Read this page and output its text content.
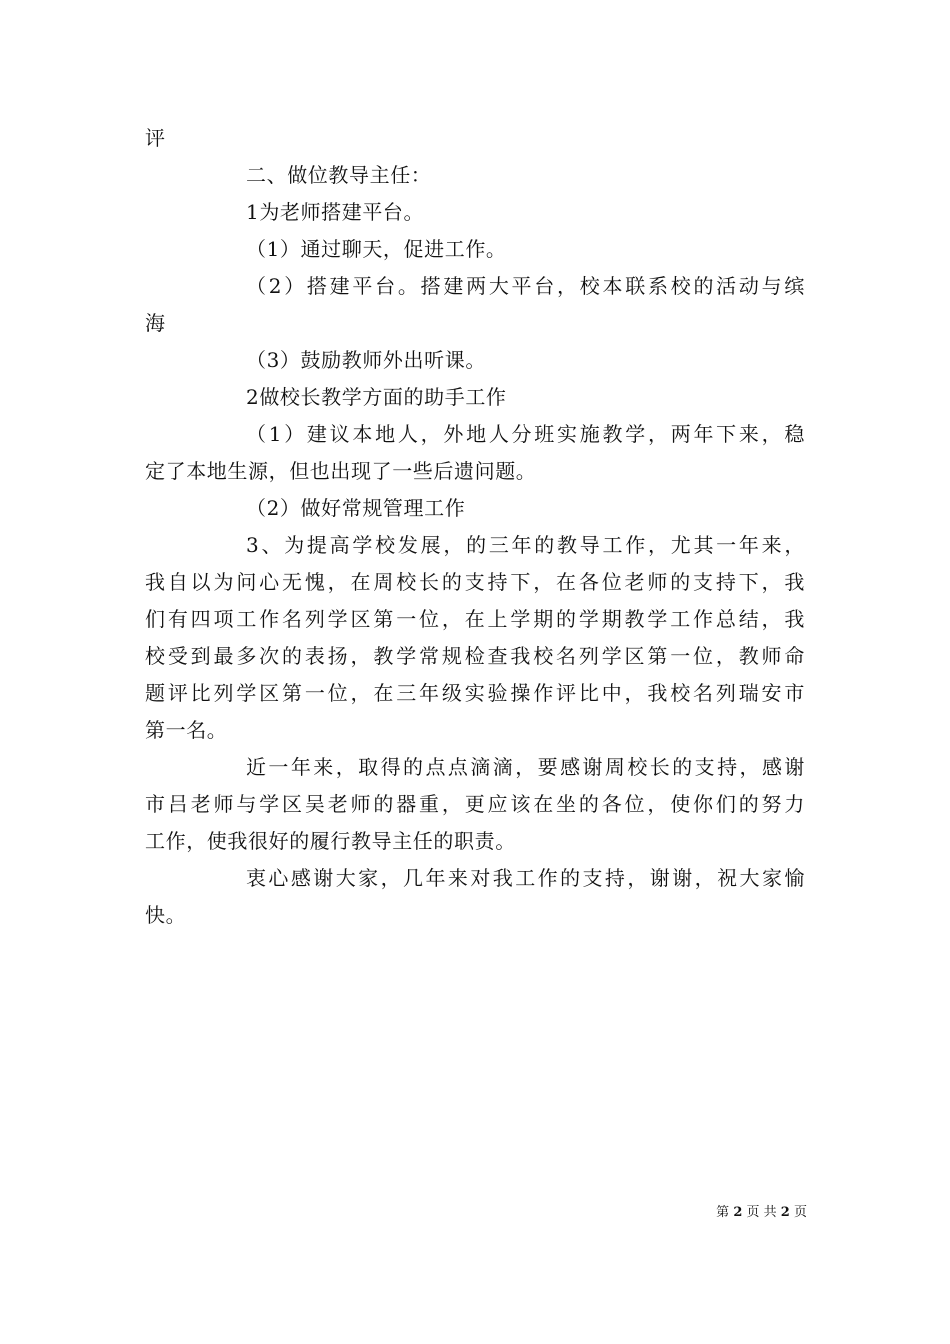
评
二、做位教导主任：
1为老师搭建平台。
（1）通过聊天，促进工作。
（2）搭建平台。搭建两大平台，校本联系校的活动与缤
海
（3）鼓励教师外出听课。
2做校长教学方面的助手工作
（1）建议本地人，外地人分班实施教学，两年下来，稳
定了本地生源，但也出现了一些后遗问题。
（2）做好常规管理工作
3、为提高学校发展，的三年的教导工作，尤其一年来，
我自以为问心无愧，在周校长的支持下，在各位老师的支持下，我
们有四项工作名列学区第一位，在上学期的学期教学工作总结，我
校受到最多次的表扬，教学常规检查我校名列学区第一位，教师命
题评比列学区第一位，在三年级实验操作评比中，我校名列瑞安市
第一名。
近一年来，取得的点点滴滴，要感谢周校长的支持，感谢
市吕老师与学区吴老师的器重，更应该在坐的各位，使你们的努力
工作，使我很好的履行教导主任的职责。
衷心感谢大家，几年来对我工作的支持，谢谢，祝大家愉
快。
第 2 页 共 2 页
